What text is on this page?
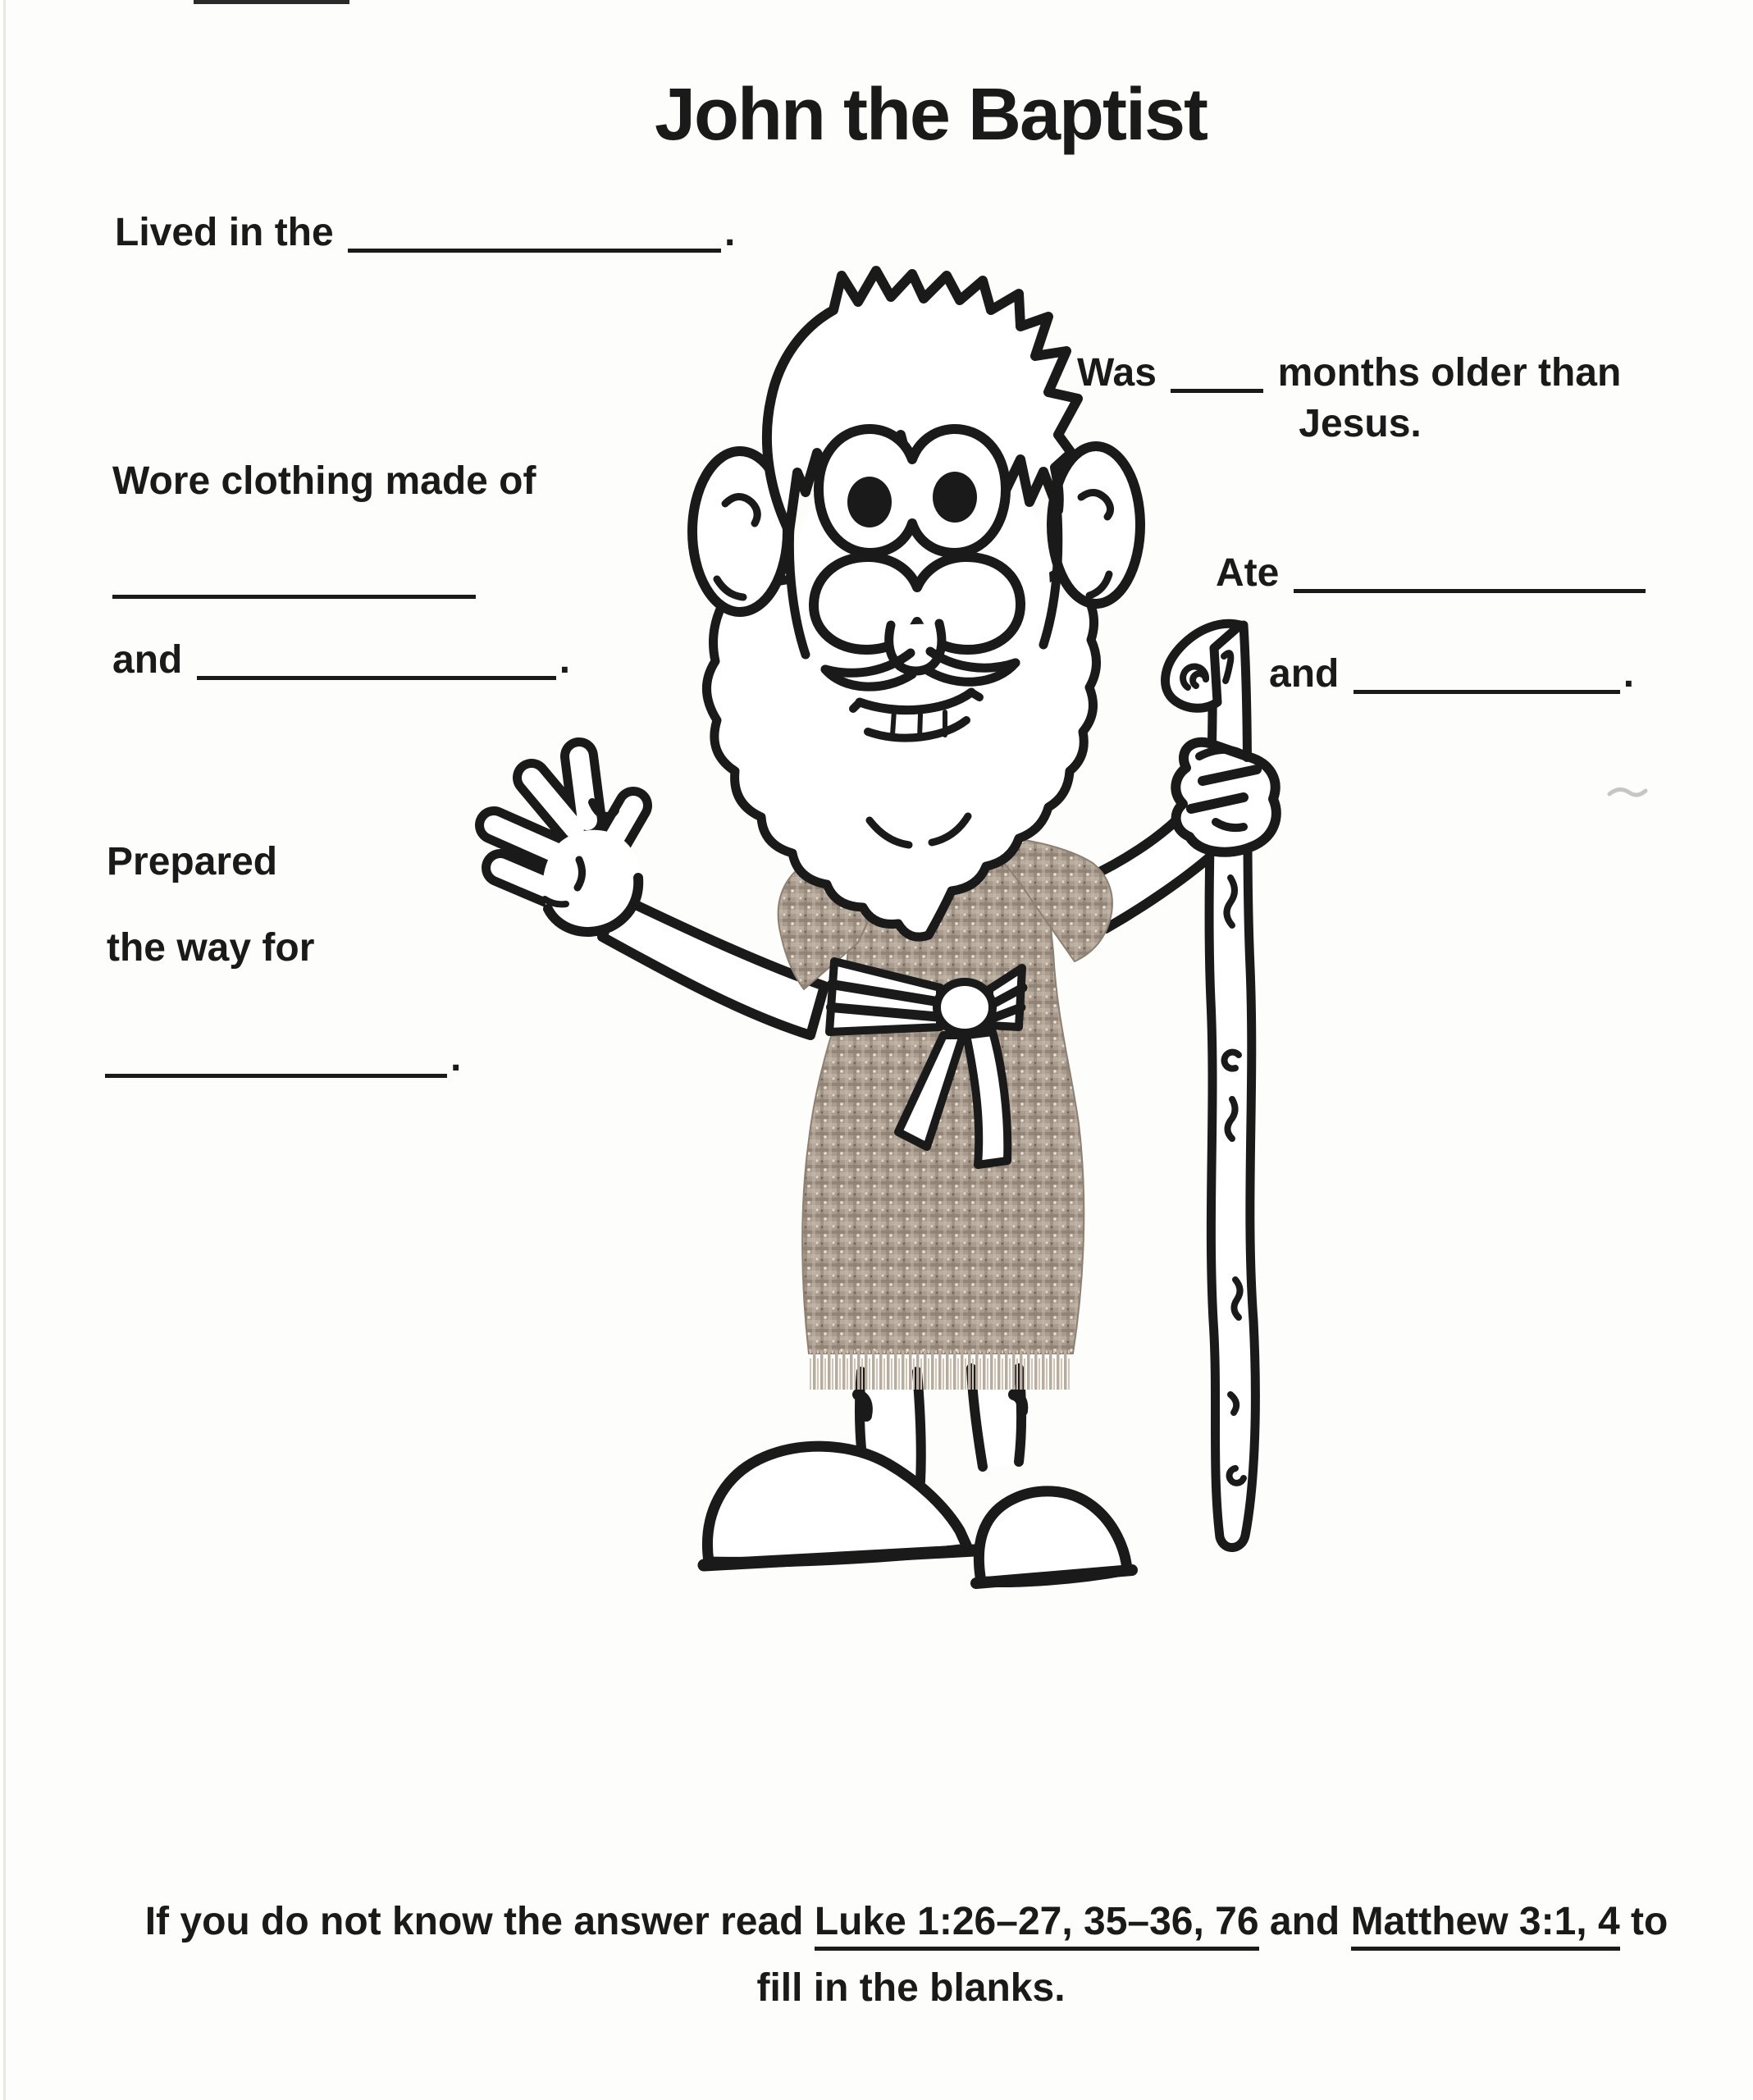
John the Baptist
Lived in the	.
Was	months older than
Jesus.
Wore clothing made of
and	.
Ate
and	.
Prepared
the way for
.
If you do not know the answer read Luke 1:26–27, 35–36, 76 and Matthew 3:1, 4 to
fill in the blanks.
